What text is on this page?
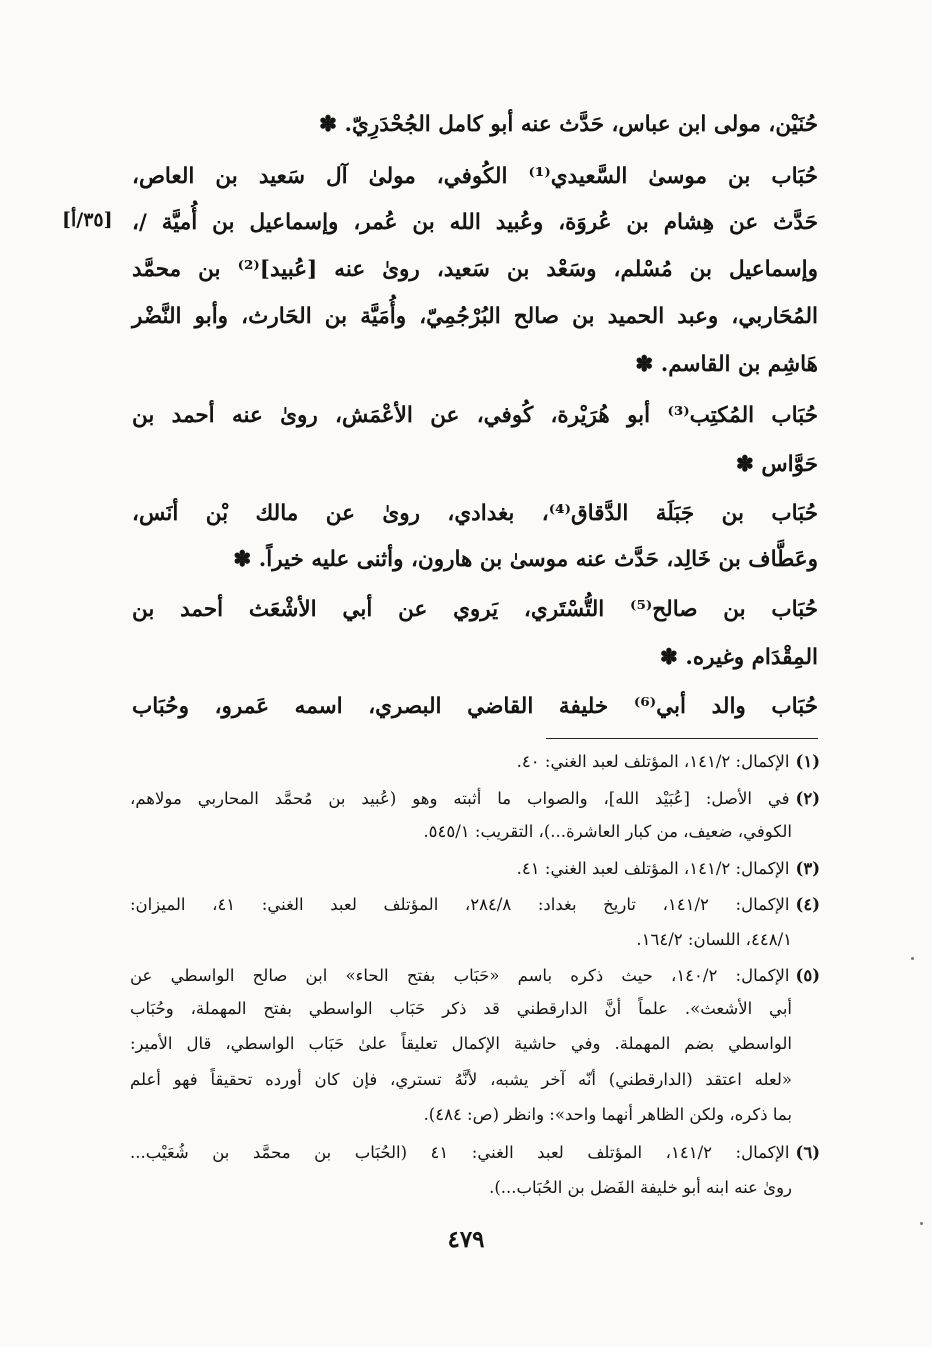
حُنَيْن، مولى ابن عباس، حَدَّث عنه أبو كامل الجُحْدَرِيّ. ✽
حُبَاب بن موسىٰ السَّعيدي⁽¹⁾ الكُوفي، مولىٰ آل سَعيد بن العاص،
حَدَّث عن هِشام بن عُروَة، وعُبيد الله بن عُمر، وإسماعيل بن أُميَّة /،
وإسماعيل بن مُسْلم، وسَعْد بن سَعيد، روىٰ عنه [عُبيد]⁽²⁾ بن محمَّد
المُحَاربي، وعبد الحميد بن صالح البُرْجُمِيّ، وأُمَيَّة بن الحَارث، وأبو النَّضْر
هَاشِم بن القاسم. ✽
حُبَاب المُكتِب⁽³⁾ أبو هُرَيْرة، كُوفي، عن الأعْمَش، روىٰ عنه أحمد بن
حَوَّاس ✽
حُبَاب بن جَبَلَة الدَّقاق⁽⁴⁾، بغدادي، روىٰ عن مالك بْن أنَس،
وعَطَّاف بن خَالِد، حَدَّث عنه موسىٰ بن هارون، وأثنى عليه خيراً. ✽
حُبَاب بن صالح⁽⁵⁾ التُّسْتَري، يَروي عن أبي الأشْعَث أحمد بن
المِقْدَام وغيره. ✽
حُبَاب والد أبي⁽⁶⁾ خليفة القاضي البصري، اسمه عَمرو، وحُبَاب
[٣٥/أ]
(١)الإكمال: ١٤١/٢، المؤتلف لعبد الغني: ٤٠.
(٢)في الأصل: [عُبَيْد الله]، والصواب ما أثبته وهو (عُبيد بن مُحمَّد المحاربي مولاهم،
الكوفي، ضعيف، من كبار العاشرة...)، التقريب: ٥٤٥/١.
(٣)الإكمال: ١٤١/٢، المؤتلف لعبد الغني: ٤١.
(٤)الإكمال: ١٤١/٢، تاريخ بغداد: ٢٨٤/٨، المؤتلف لعبد الغني: ٤١، الميزان:
٤٤٨/١، اللسان: ١٦٤/٢.
(٥)الإكمال: ١٤٠/٢، حيث ذكره باسم «حَبَاب بفتح الحاء» ابن صالح الواسطي عن
أبي الأشعث». علماً أنَّ الدارقطني قد ذكر حَبَاب الواسطي بفتح المهملة، وحُبَاب
الواسطي بضم المهملة. وفي حاشية الإكمال تعليقاً علىٰ حَبَاب الواسطي، قال الأمير:
«لعله اعتقد (الدارقطني) أنّه آخر يشبه، لأنَّهُ تستري، فإن كان أورده تحقيقاً فهو أعلم
بما ذكره، ولكن الظاهر أنهما واحد»: وانظر (ص: ٤٨٤).
(٦)الإكمال: ١٤١/٢، المؤتلف لعبد الغني: ٤١ (الحُبَاب بن محمَّد بن شُعَيْب...
روىٰ عنه ابنه أبو خليفة الفَضل بن الحُبَاب...).
٤٧٩
